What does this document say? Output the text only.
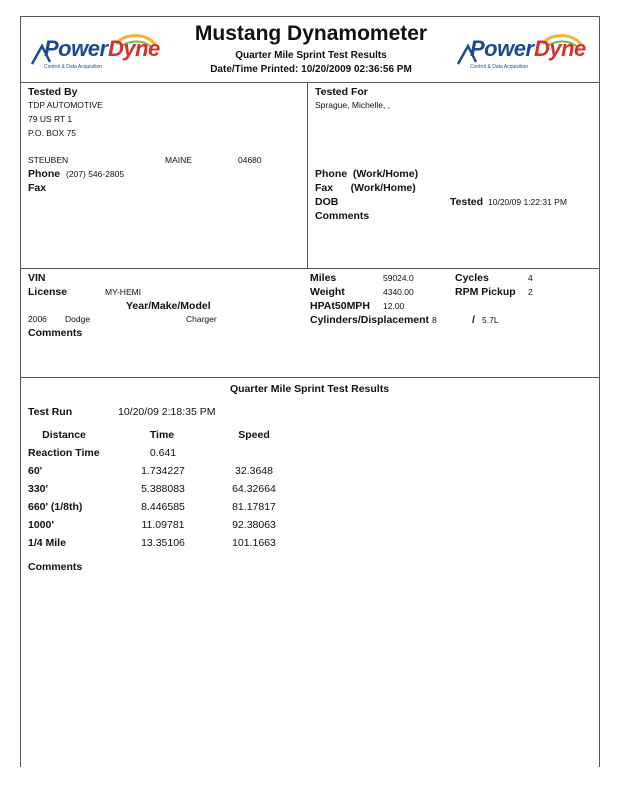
Power Dyne
Control & Data Acquisition
Power Dyne
Control & Data Acquisition
Mustang Dynamometer
Quarter Mile Sprint Test Results
Date/Time Printed: 10/20/2009 02:36:56 PM
Tested By
TDP AUTOMOTIVE
79 US RT 1
P.O. BOX 75
STEUBEN	MAINE	04680
Phone (207) 546-2805
Fax
Tested For
Sprague, Michelle, ,
Phone  (Work/Home)
Fax      (Work/Home)
DOB
Comments
Tested 10/20/09 1:22:31 PM
VIN
License	MY-HEMI
Year/Make/Model
2006 Dodge	Charger
Comments
Miles	59024.0
Weight	4340.00
HPAt50MPH 12.00
Cylinders/Displacement 8	/ 5.7L
Cycles	4
RPM Pickup 2
Quarter Mile Sprint Test Results
Test Run	10/20/09 2:18:35 PM
Distance	Time	Speed
Reaction Time	0.641
60'	1.734227	32.3648
330'	5.388083	64.32664
660' (1/8th)	8.446585	81.17817
1000'	11.09781	92.38063
1/4 Mile	13.35106	101.1663
Comments
